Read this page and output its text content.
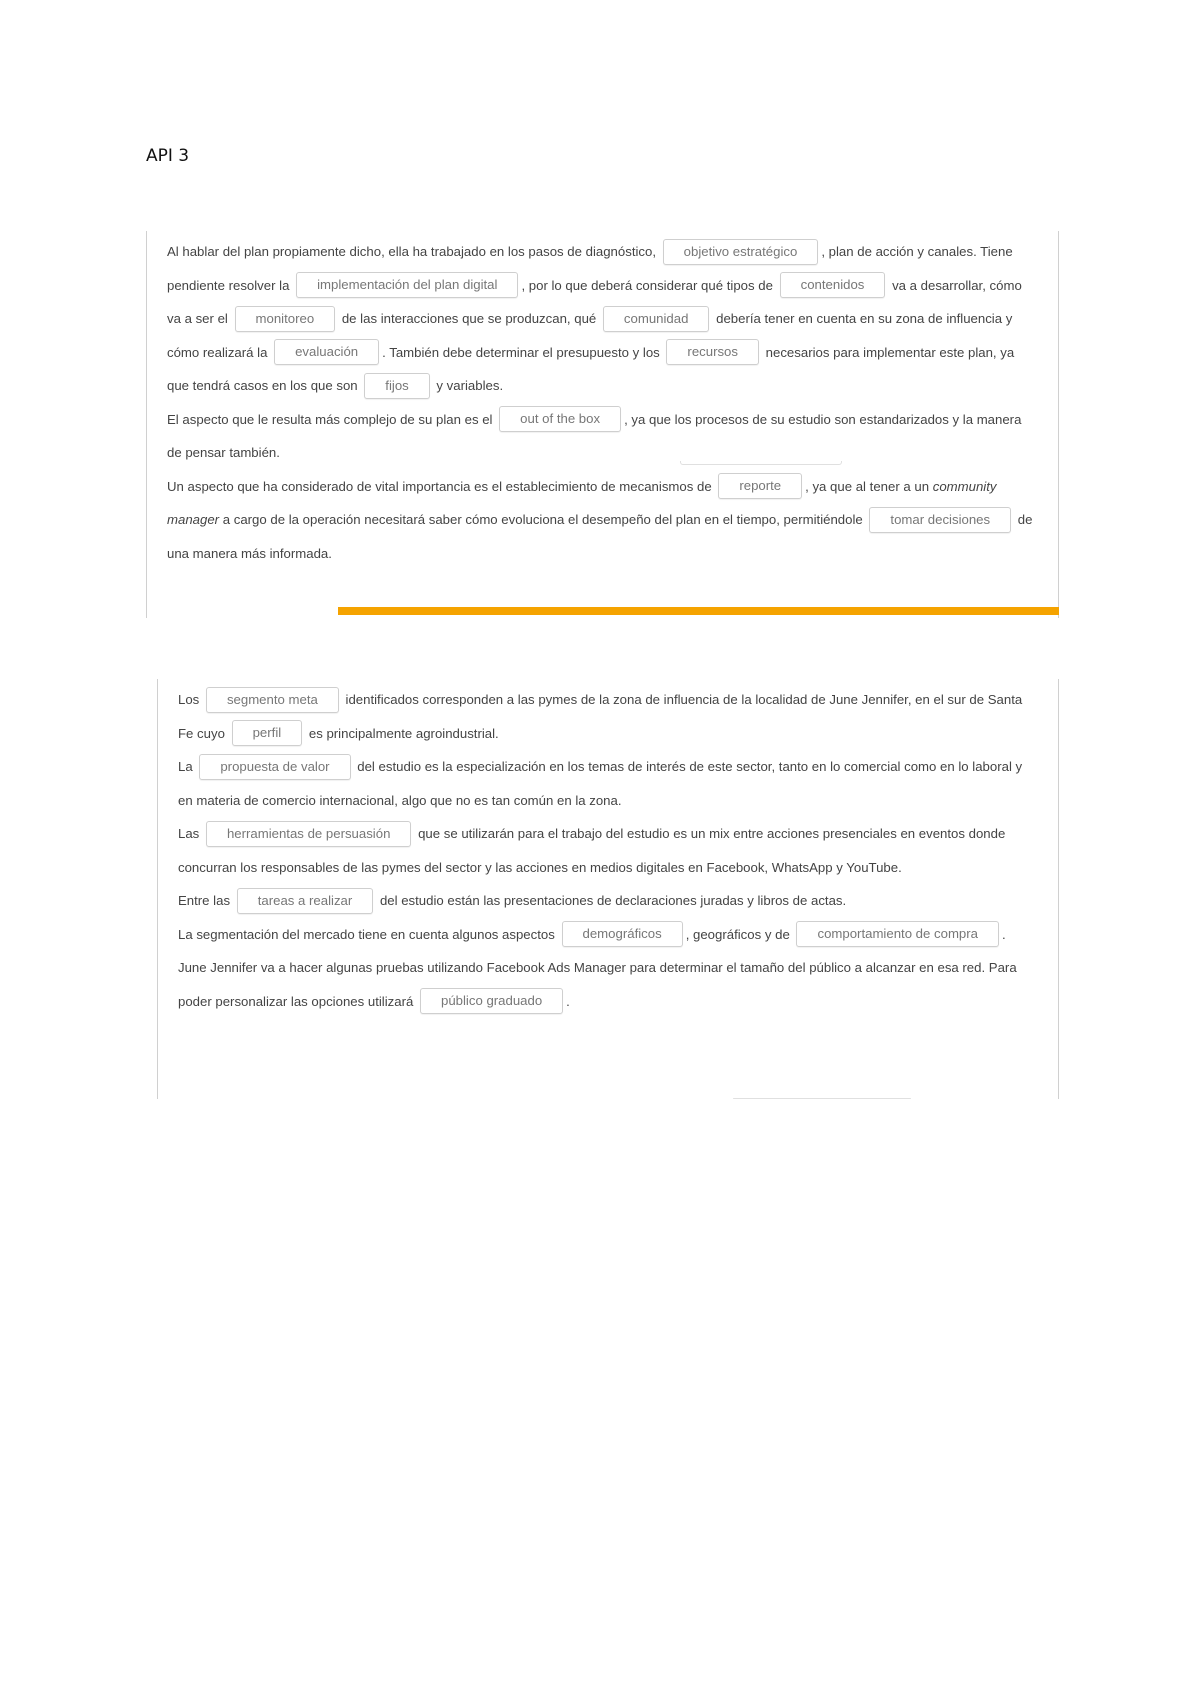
API 3

Al hablar del plan propiamente dicho, ella ha trabajado en los pasos de diagnóstico, objetivo estratégico , plan de acción y canales. Tiene pendiente resolver la implementación del plan digital , por lo que deberá considerar qué tipos de contenidos va a desarrollar, cómo va a ser el monitoreo de las interacciones que se produzcan, qué comunidad debería tener en cuenta en su zona de influencia y cómo realizará la evaluación . También debe determinar el presupuesto y los recursos necesarios para implementar este plan, ya que tendrá casos en los que son fijos y variables.

El aspecto que le resulta más complejo de su plan es el out of the box , ya que los procesos de su estudio son estandarizados y la manera de pensar también.

Un aspecto que ha considerado de vital importancia es el establecimiento de mecanismos de reporte , ya que al tener a un community manager a cargo de la operación necesitará saber cómo evoluciona el desempeño del plan en el tiempo, permitiéndole tomar decisiones de una manera más informada.

Los segmento meta identificados corresponden a las pymes de la zona de influencia de la localidad de June Jennifer, en el sur de Santa Fe cuyo perfil es principalmente agroindustrial.

La propuesta de valor del estudio es la especialización en los temas de interés de este sector, tanto en lo comercial como en lo laboral y en materia de comercio internacional, algo que no es tan común en la zona.

Las herramientas de persuasión que se utilizarán para el trabajo del estudio es un mix entre acciones presenciales en eventos donde concurran los responsables de las pymes del sector y las acciones en medios digitales en Facebook, WhatsApp y YouTube.

Entre las tareas a realizar del estudio están las presentaciones de declaraciones juradas y libros de actas.

La segmentación del mercado tiene en cuenta algunos aspectos demográficos , geográficos y de comportamiento de compra .

June Jennifer va a hacer algunas pruebas utilizando Facebook Ads Manager para determinar el tamaño del público a alcanzar en esa red. Para poder personalizar las opciones utilizará público graduado .
